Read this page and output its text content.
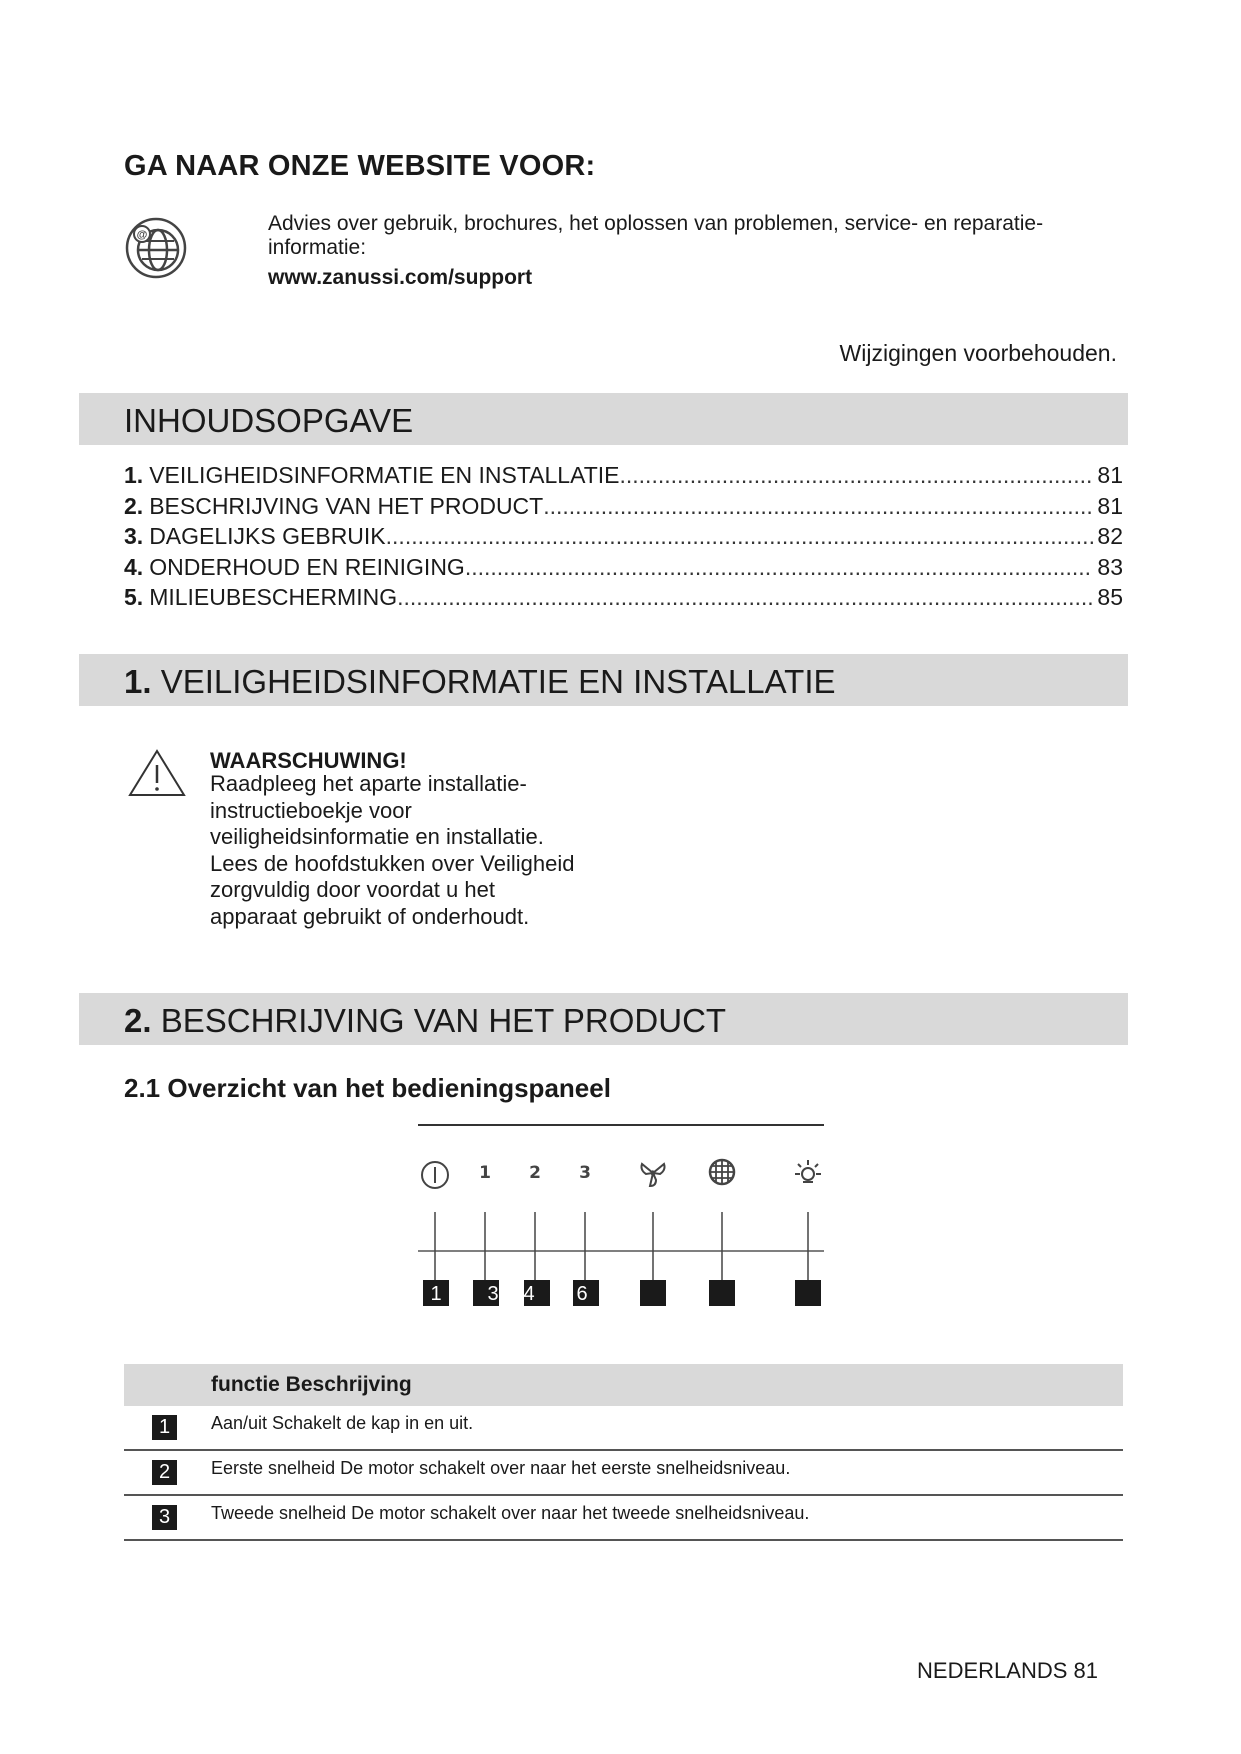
GA NAAR ONZE WEBSITE VOOR:
@	Advies over gebruik, brochures, het oplossen van problemen, service- en reparatie-informatie:
www.zanussi.com/support
Wijzigingen voorbehouden.
INHOUDSOPGAVE
1. VEILIGHEIDSINFORMATIE EN INSTALLATIE .....	81
2. BESCHRIJVING VAN HET PRODUCT .....	81
3. DAGELIJKS GEBRUIK .....	82
4. ONDERHOUD EN REINIGING .....	83
5. MILIEUBESCHERMING .....	85
1. VEILIGHEIDSINFORMATIE EN INSTALLATIE
WAARSCHUWING!
Raadpleeg het aparte installatie-instructieboekje voor veiligheidsinformatie en installatie. Lees de hoofdstukken over Veiligheid zorgvuldig door voordat u het apparaat gebruikt of onderhoudt.
2. BESCHRIJVING VAN HET PRODUCT
2.1 Overzicht van het bedieningspaneel
1 2 3
1 3 4 6
functie Beschrijving
1	Aan/uit Schakelt de kap in en uit.
2	Eerste snelheid De motor schakelt over naar het eerste snelheidsniveau.
3	Tweede snelheid De motor schakelt over naar het tweede snelheidsniveau.
NEDERLANDS 81
